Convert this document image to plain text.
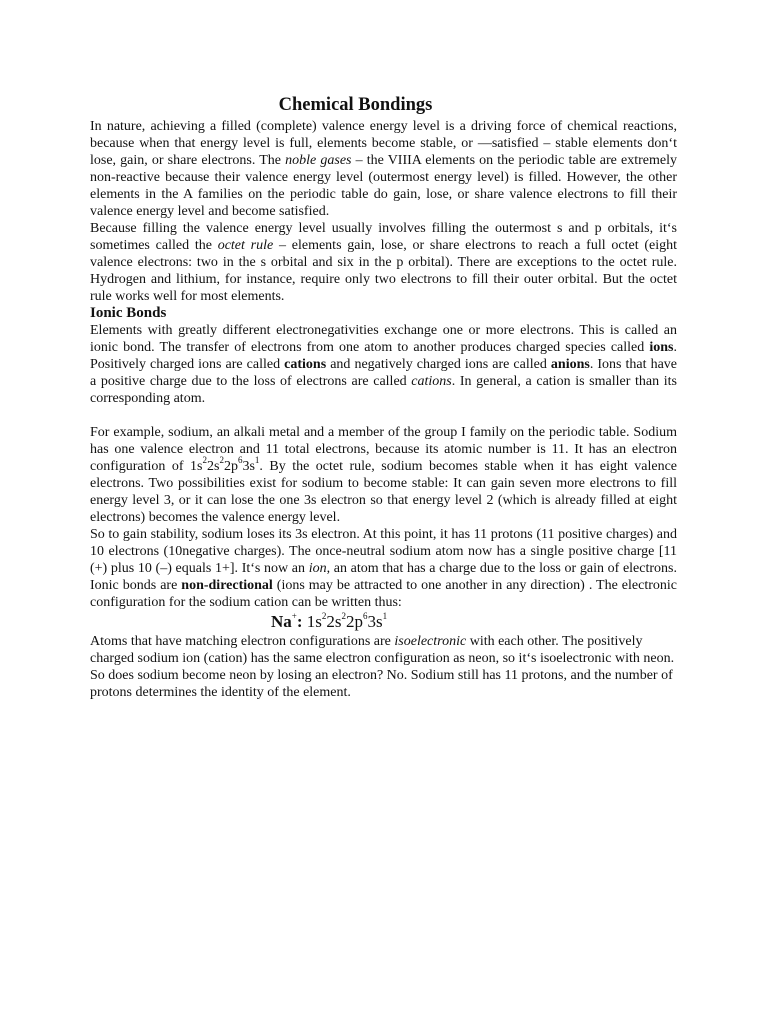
Chemical Bondings

In nature, achieving a filled (complete) valence energy level is a driving force of chemical reactions, because when that energy level is full, elements become stable, or —satisfied – stable elements don‘t lose, gain, or share electrons. The noble gases – the VIIIA elements on the periodic table are extremely non-reactive because their valence energy level (outermost energy level) is filled. However, the other elements in the A families on the periodic table do gain, lose, or share valence electrons to fill their valence energy level and become satisfied.

Because filling the valence energy level usually involves filling the outermost s and p orbitals, it‘s sometimes called the octet rule – elements gain, lose, or share electrons to reach a full octet (eight valence electrons: two in the s orbital and six in the p orbital). There are exceptions to the octet rule. Hydrogen and lithium, for instance, require only two electrons to fill their outer orbital. But the octet rule works well for most elements.

Ionic Bonds

Elements with greatly different electronegativities exchange one or more electrons. This is called an ionic bond. The transfer of electrons from one atom to another produces charged species called ions. Positively charged ions are called cations and negatively charged ions are called anions. Ions that have a positive charge due to the loss of electrons are called cations. In general, a cation is smaller than its corresponding atom.

For example, sodium, an alkali metal and a member of the group I family on the periodic table. Sodium has one valence electron and 11 total electrons, because its atomic number is 11. It has an electron configuration of $1s^22s^22p^63s^1$. By the octet rule, sodium becomes stable when it has eight valence electrons. Two possibilities exist for sodium to become stable: It can gain seven more electrons to fill energy level 3, or it can lose the one 3s electron so that energy level 2 (which is already filled at eight electrons) becomes the valence energy level.

So to gain stability, sodium loses its 3s electron. At this point, it has 11 protons (11 positive charges) and 10 electrons (10negative charges). The once-neutral sodium atom now has a single positive charge [11 (+) plus 10 (–) equals 1+]. It‘s now an ion, an atom that has a charge due to the loss or gain of electrons. Ionic bonds are non-directional (ions may be attracted to one another in any direction) . The electronic configuration for the sodium cation can be written thus:

Na+: $1s^22s^22p^63s^1$

Atoms that have matching electron configurations are isoelectronic with each other. The positively charged sodium ion (cation) has the same electron configuration as neon, so it‘s isoelectronic with neon. So does sodium become neon by losing an electron? No. Sodium still has 11 protons, and the number of protons determines the identity of the element.
